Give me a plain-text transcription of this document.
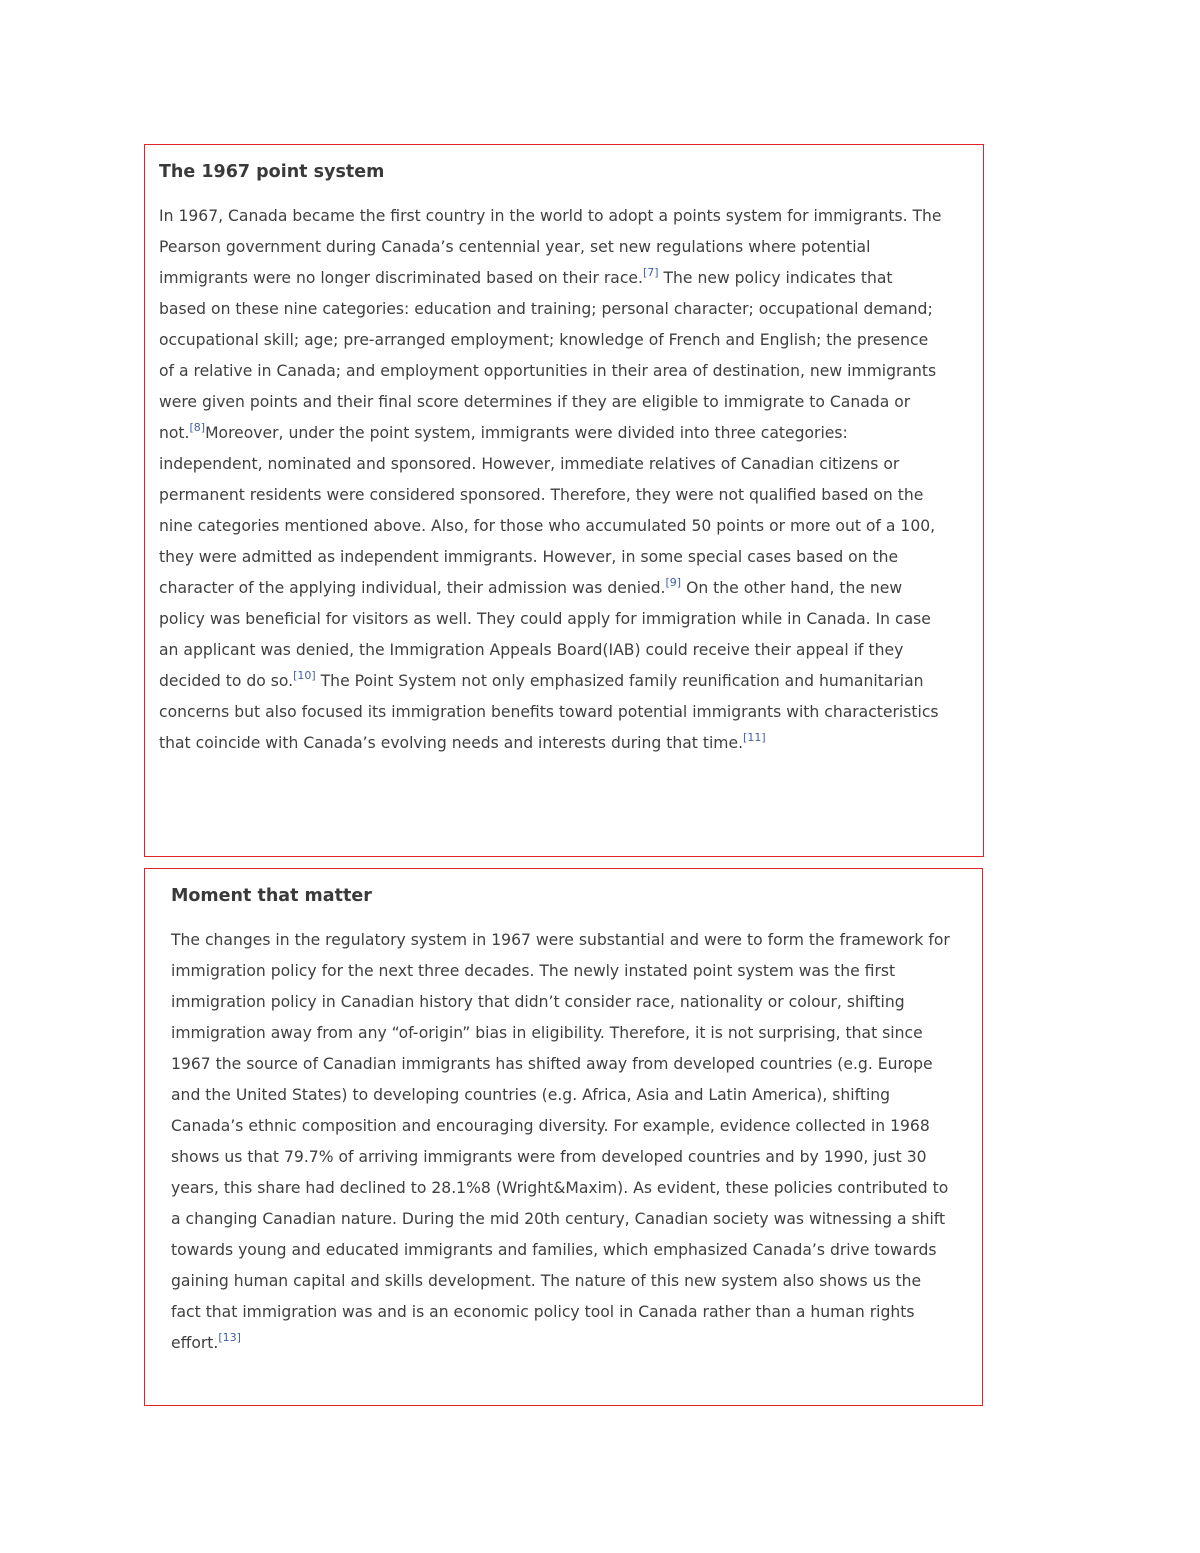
The 1967 point system

In 1967, Canada became the first country in the world to adopt a points system for immigrants. The Pearson government during Canada’s centennial year, set new regulations where potential immigrants were no longer discriminated based on their race.[7] The new policy indicates that based on these nine categories: education and training; personal character; occupational demand; occupational skill; age; pre-arranged employment; knowledge of French and English; the presence of a relative in Canada; and employment opportunities in their area of destination, new immigrants were given points and their final score determines if they are eligible to immigrate to Canada or not.[8]Moreover, under the point system, immigrants were divided into three categories: independent, nominated and sponsored. However, immediate relatives of Canadian citizens or permanent residents were considered sponsored. Therefore, they were not qualified based on the nine categories mentioned above. Also, for those who accumulated 50 points or more out of a 100, they were admitted as independent immigrants. However, in some special cases based on the character of the applying individual, their admission was denied.[9] On the other hand, the new policy was beneficial for visitors as well. They could apply for immigration while in Canada. In case an applicant was denied, the Immigration Appeals Board(IAB) could receive their appeal if they decided to do so.[10] The Point System not only emphasized family reunification and humanitarian concerns but also focused its immigration benefits toward potential immigrants with characteristics that coincide with Canada’s evolving needs and interests during that time.[11]

Moment that matter

The changes in the regulatory system in 1967 were substantial and were to form the framework for immigration policy for the next three decades. The newly instated point system was the first immigration policy in Canadian history that didn’t consider race, nationality or colour, shifting immigration away from any “of-origin” bias in eligibility. Therefore, it is not surprising, that since 1967 the source of Canadian immigrants has shifted away from developed countries (e.g. Europe and the United States) to developing countries (e.g. Africa, Asia and Latin America), shifting Canada’s ethnic composition and encouraging diversity. For example, evidence collected in 1968 shows us that 79.7% of arriving immigrants were from developed countries and by 1990, just 30 years, this share had declined to 28.1%8 (Wright&Maxim). As evident, these policies contributed to a changing Canadian nature. During the mid 20th century, Canadian society was witnessing a shift towards young and educated immigrants and families, which emphasized Canada’s drive towards gaining human capital and skills development. The nature of this new system also shows us the fact that immigration was and is an economic policy tool in Canada rather than a human rights effort.[13]
